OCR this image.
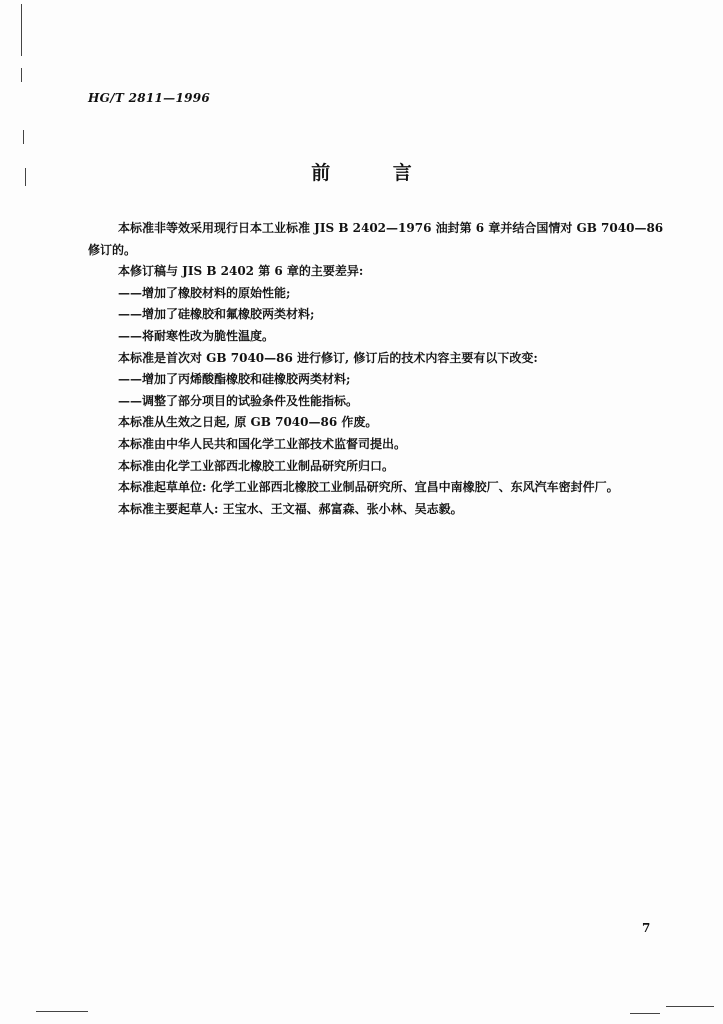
HG/T 2811—1996
前 言

本标准非等效采用现行日本工业标准 JIS B 2402—1976 油封第 6 章并结合国情对 GB 7040—86

修订的。

本修订稿与 JIS B 2402 第 6 章的主要差异:

——增加了橡胶材料的原始性能;

——增加了硅橡胶和氟橡胶两类材料;

——将耐寒性改为脆性温度。

本标准是首次对 GB 7040—86 进行修订, 修订后的技术内容主要有以下改变:

——增加了丙烯酸酯橡胶和硅橡胶两类材料;

——调整了部分项目的试验条件及性能指标。

本标准从生效之日起, 原 GB 7040—86 作废。

本标准由中华人民共和国化学工业部技术监督司提出。

本标准由化学工业部西北橡胶工业制品研究所归口。

本标准起草单位: 化学工业部西北橡胶工业制品研究所、宜昌中南橡胶厂、东风汽车密封件厂。

本标准主要起草人: 王宝水、王文福、郝富森、张小林、吴志毅。

7
